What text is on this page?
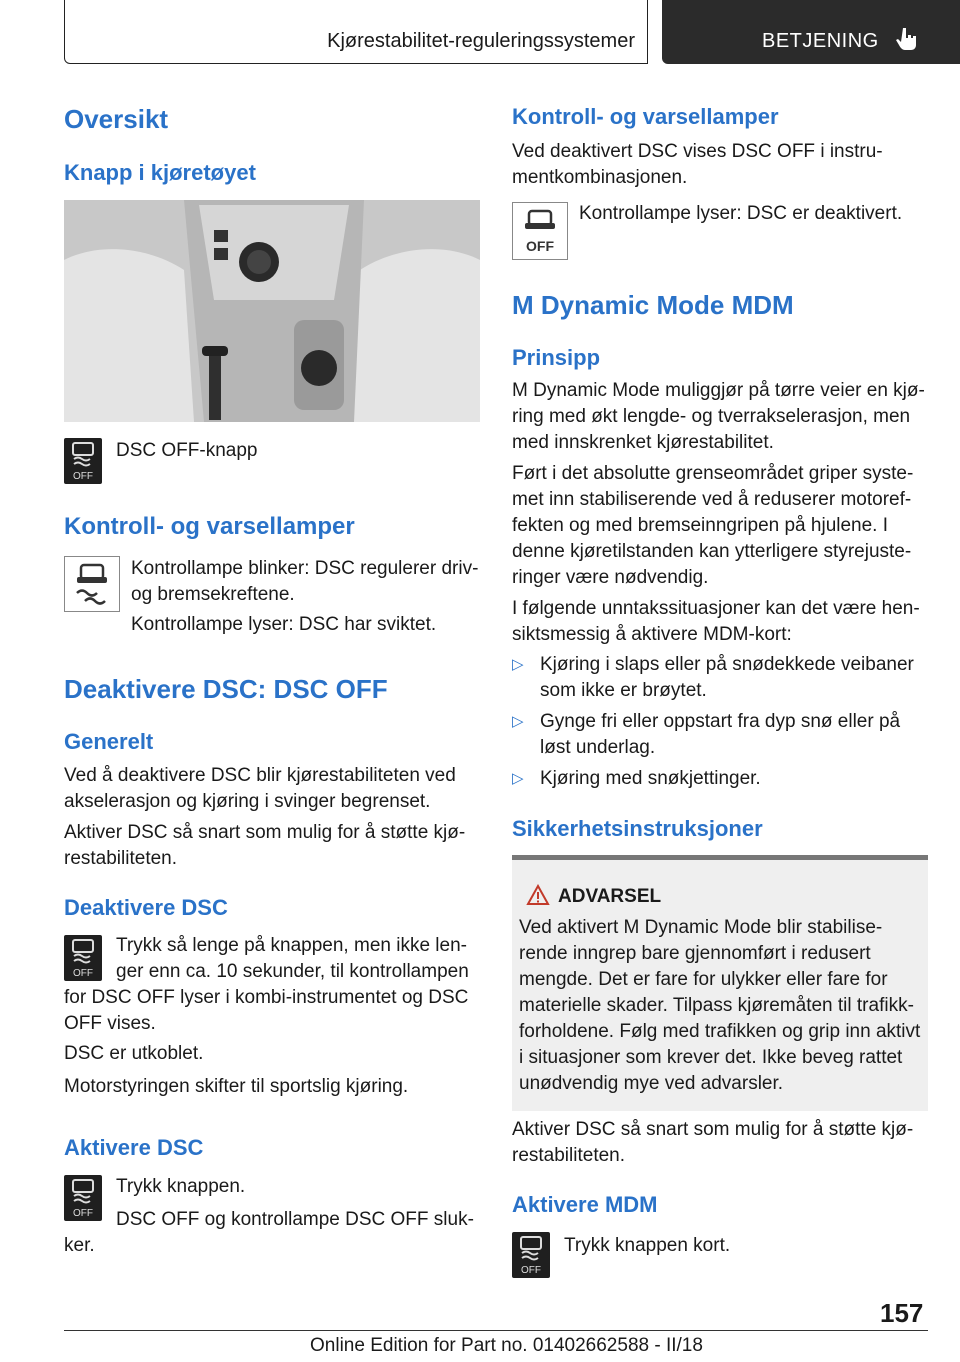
Kjørestabilitet-reguleringssystemer	BETJENING
Oversikt
Knapp i kjøretøyet
OFF

DSC OFF-knapp

Kontroll- og varsellamper

Kontrollampe blinker: DSC regulerer driv- og bremsekreftene.

Kontrollampe lyser: DSC har sviktet.

Deaktivere DSC: DSC OFF
Generelt

Ved å deaktivere DSC blir kjørestabiliteten ved akselerasjon og kjøring i svinger begrenset.

Aktiver DSC så snart som mulig for å støtte kjø-restabiliteten.

Deaktivere DSC
OFF

Trykk så lenge på knappen, men ikke len-

ger enn ca. 10 sekunder, til kontrollampen

for DSC OFF lyser i kombi-instrumentet og DSC OFF vises.

DSC er utkoblet.

Motorstyringen skifter til sportslig kjøring.

Aktivere DSC
OFF

Trykk knappen.

DSC OFF og kontrollampe DSC OFF sluk-

ker.

Kontroll- og varsellamper

Ved deaktivert DSC vises DSC OFF i instru-mentkombinasjonen.

OFF

Kontrollampe lyser: DSC er deaktivert.

M Dynamic Mode MDM
Prinsipp

M Dynamic Mode muliggjør på tørre veier en kjø-ring med økt lengde- og tverrakselerasjon, men med innskrenket kjørestabilitet.

Ført i det absolutte grenseområdet griper syste-met inn stabiliserende ved å reduserer motoref-fekten og med bremseinngripen på hjulene. I denne kjøretilstanden kan ytterligere styrejuste-ringer være nødvendig.

I følgende unntakssituasjoner kan det være hen-siktsmessig å aktivere MDM-kort:

▷ Kjøring i slaps eller på snødekkede veibaner som ikke er brøytet.
▷ Gynge fri eller oppstart fra dyp snø eller på løst underlag.
▷ Kjøring med snøkjettinger.
Sikkerhetsinstruksjoner
ADVARSEL

Ved aktivert M Dynamic Mode blir stabilise-rende inngrep bare gjennomført i redusert mengde. Det er fare for ulykker eller fare for materielle skader. Tilpass kjøremåten til trafikk-forholdene. Følg med trafikken og grip inn aktivt i situasjoner som krever det. Ikke beveg rattet unødvendig mye ved advarsler.

Aktiver DSC så snart som mulig for å støtte kjø-restabiliteten.

Aktivere MDM
OFF

Trykk knappen kort.

157
Online Edition for Part no. 01402662588 - II/18
